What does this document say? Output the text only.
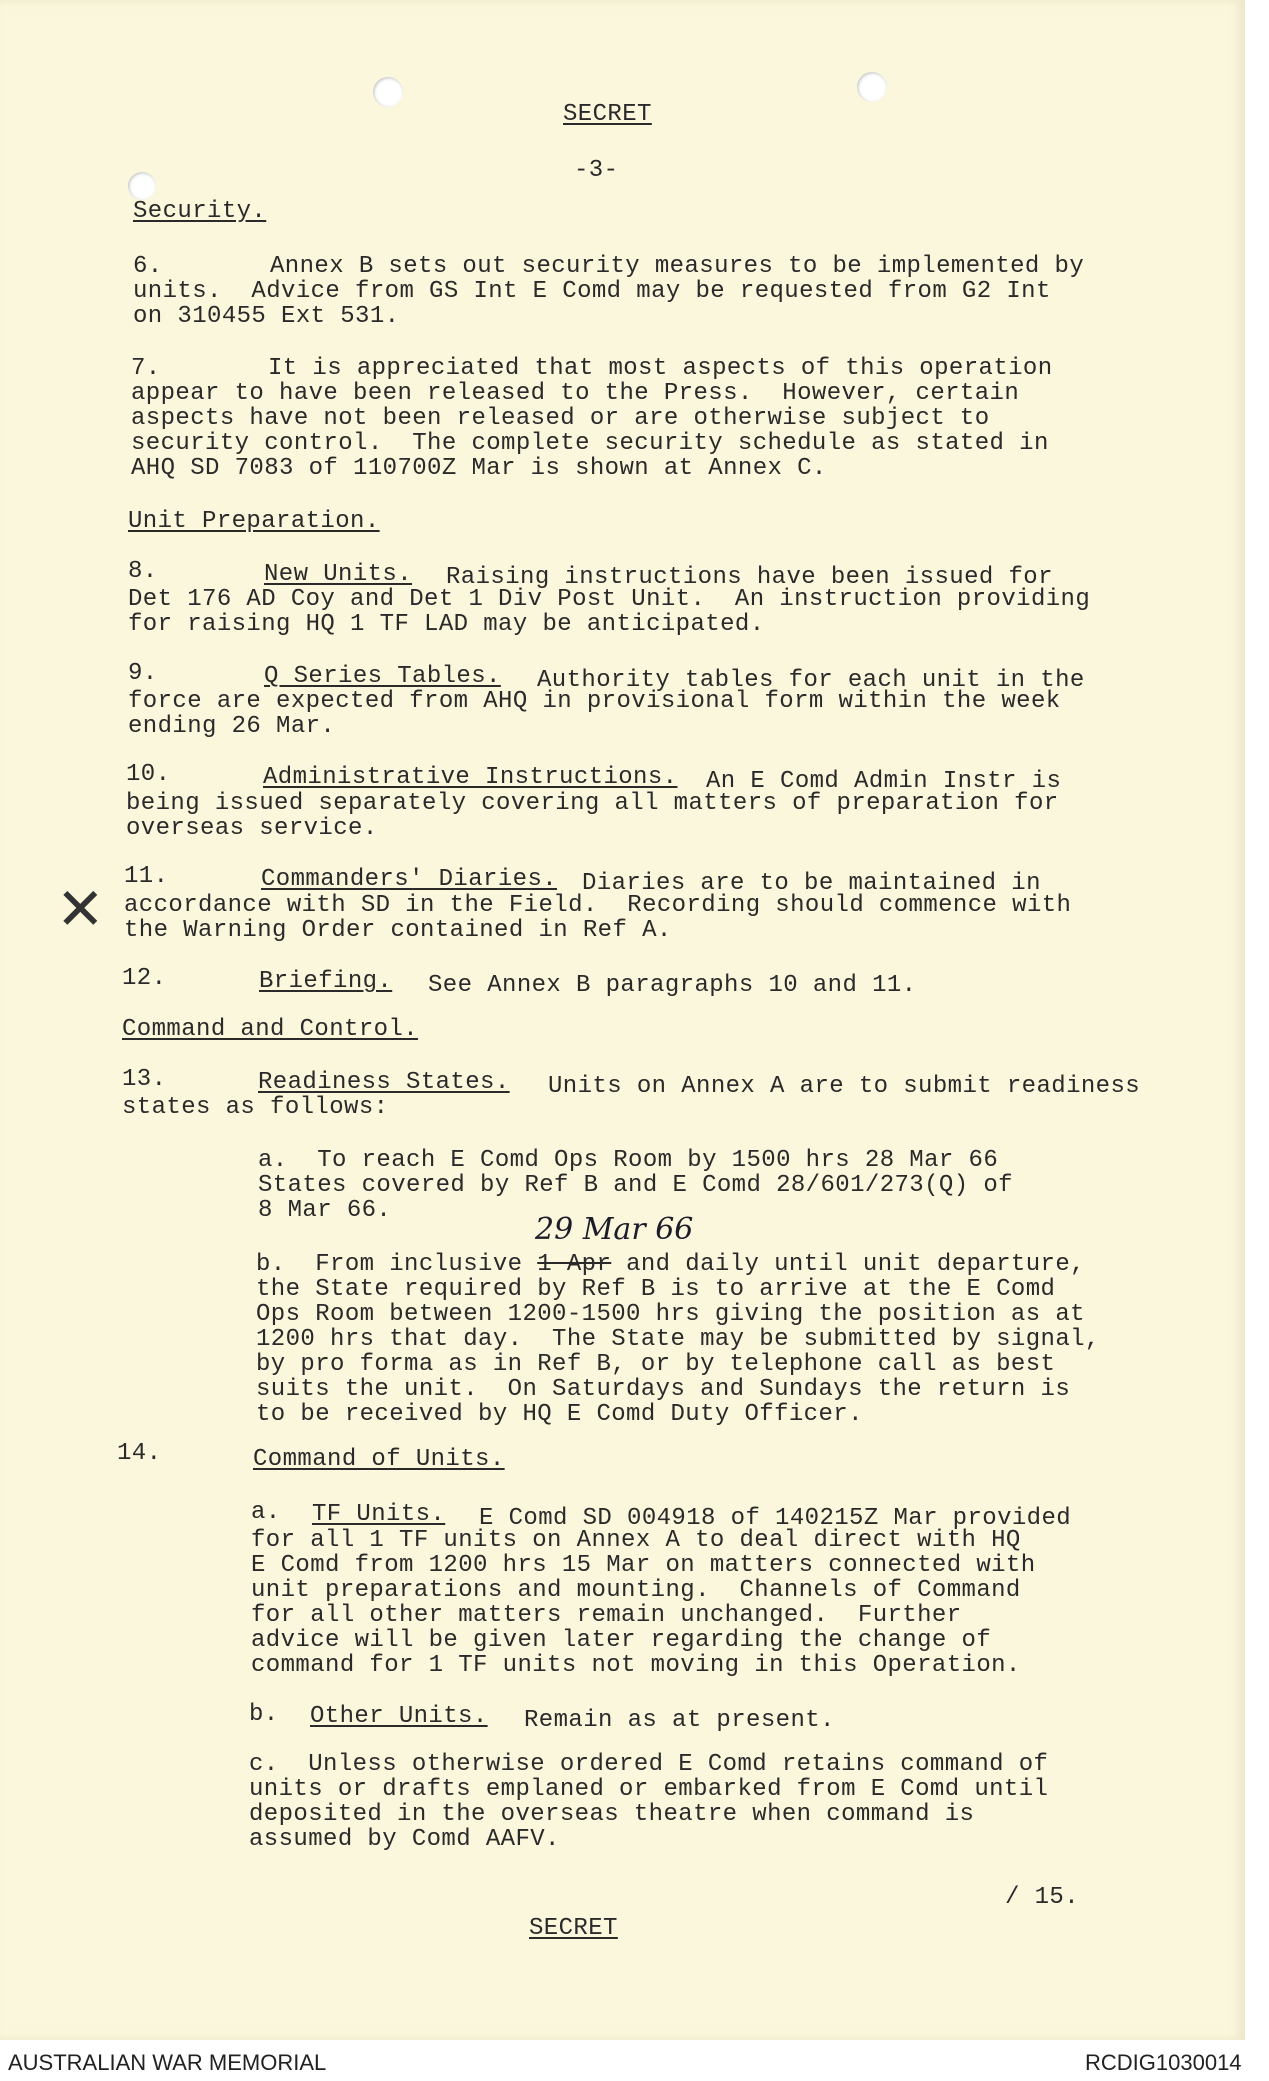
SECRET

-3-

Security.

6.	Annex B sets out security measures to be implemented by

units.  Advice from GS Int E Comd may be requested from G2 Int

on 310455 Ext 531.

7.	It is appreciated that most aspects of this operation

appear to have been released to the Press.  However, certain

aspects have not been released or are otherwise subject to

security control.  The complete security schedule as stated in

AHQ SD 7083 of 110700Z Mar is shown at Annex C.

Unit Preparation.

8.	New Units. Raising instructions have been issued for

Det 176 AD Coy and Det 1 Div Post Unit.  An instruction providing

for raising HQ 1 TF LAD may be anticipated.

9.	Q Series Tables. Authority tables for each unit in the

force are expected from AHQ in provisional form within the week

ending 26 Mar.

10.	Administrative Instructions. An E Comd Admin Instr is

being issued separately covering all matters of preparation for

overseas service.

✕ 11.	Commanders' Diaries. Diaries are to be maintained in

accordance with SD in the Field.  Recording should commence with

the Warning Order contained in Ref A.

12.	Briefing. See Annex B paragraphs 10 and 11.

Command and Control.

13.	Readiness States. Units on Annex A are to submit readiness

states as follows:

a.  To reach E Comd Ops Room by 1500 hrs 28 Mar 66

States covered by Ref B and E Comd 28/601/273(Q) of

8 Mar 66.

29 Mar 66

b.  From inclusive 1 Apr and daily until unit departure,

the State required by Ref B is to arrive at the E Comd

Ops Room between 1200-1500 hrs giving the position as at

1200 hrs that day.  The State may be submitted by signal,

by pro forma as in Ref B, or by telephone call as best

suits the unit.  On Saturdays and Sundays the return is

to be received by HQ E Comd Duty Officer.

14.	Command of Units.

a. TF Units. E Comd SD 004918 of 140215Z Mar provided

for all 1 TF units on Annex A to deal direct with HQ

E Comd from 1200 hrs 15 Mar on matters connected with

unit preparations and mounting.  Channels of Command

for all other matters remain unchanged.  Further

advice will be given later regarding the change of

command for 1 TF units not moving in this Operation.

b. Other Units. Remain as at present.

c.  Unless otherwise ordered E Comd retains command of

units or drafts emplaned or embarked from E Comd until

deposited in the overseas theatre when command is

assumed by Comd AAFV.

/ 15.

SECRET

AUSTRALIAN WAR MEMORIAL	RCDIG1030014
